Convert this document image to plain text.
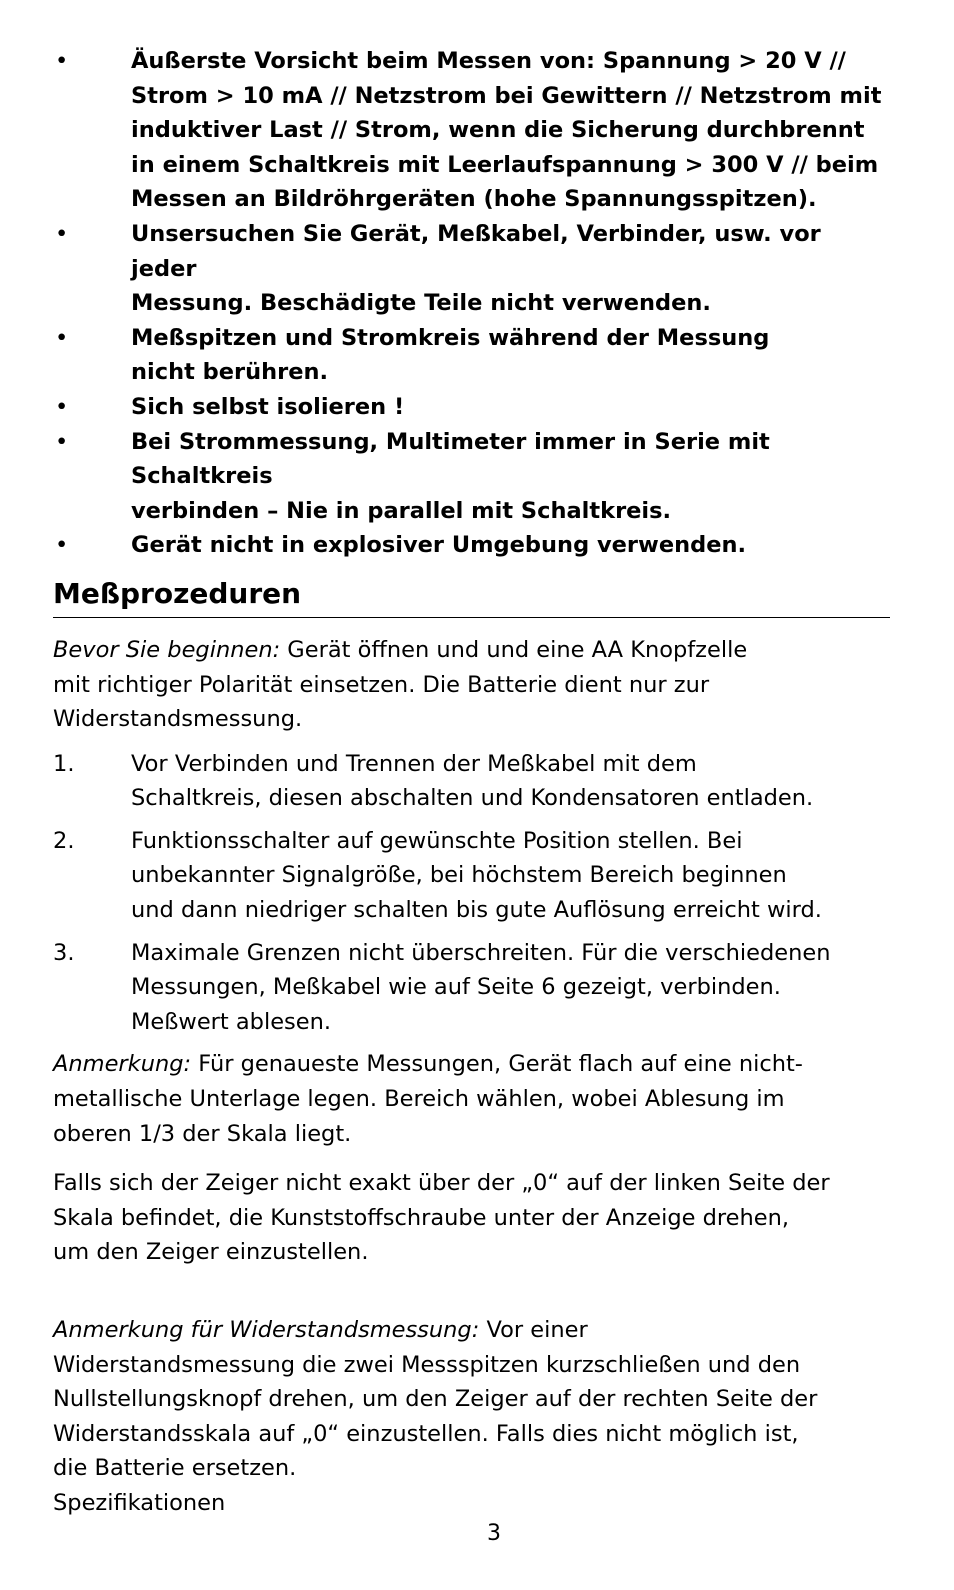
•	Äußerste Vorsicht beim Messen von: Spannung > 20 V //
Strom > 10 mA // Netzstrom bei Gewittern // Netzstrom mit
induktiver Last // Strom, wenn die Sicherung durchbrennt
in einem Schaltkreis mit Leerlaufspannung > 300 V // beim
Messen an Bildröhrgeräten (hohe Spannungsspitzen).
•	Unsersuchen Sie Gerät, Meßkabel, Verbinder, usw. vor jeder
Messung. Beschädigte Teile nicht verwenden.
•	Meßspitzen und Stromkreis während der Messung
nicht berühren.
•	Sich selbst isolieren !
•	Bei Strommessung, Multimeter immer in Serie mit Schaltkreis
verbinden – Nie in parallel mit Schaltkreis.
•	Gerät nicht in explosiver Umgebung verwenden.
Meßprozeduren

Bevor Sie beginnen: Gerät öffnen und und eine AA Knopfzelle
mit richtiger Polarität einsetzen. Die Batterie dient nur zur
Widerstandsmessung.

1.	Vor Verbinden und Trennen der Meßkabel mit dem
Schaltkreis, diesen abschalten und Kondensatoren entladen.
2.	Funktionsschalter auf gewünschte Position stellen. Bei
unbekannter Signalgröße, bei höchstem Bereich beginnen
und dann niedriger schalten bis gute Auflösung erreicht wird.
3.	Maximale Grenzen nicht überschreiten. Für die verschiedenen
Messungen, Meßkabel wie auf Seite 6 gezeigt, verbinden.
Meßwert ablesen.

Anmerkung: Für genaueste Messungen, Gerät flach auf eine nicht-
metallische Unterlage legen. Bereich wählen, wobei Ablesung im
oberen 1/3 der Skala liegt.

Falls sich der Zeiger nicht exakt über der „0“ auf der linken Seite der
Skala befindet, die Kunststoffschraube unter der Anzeige drehen,
um den Zeiger einzustellen.

Anmerkung für Widerstandsmessung: Vor einer
Widerstandsmessung die zwei Messspitzen kurzschließen und den
Nullstellungsknopf drehen, um den Zeiger auf der rechten Seite der
Widerstandsskala auf „0“ einzustellen. Falls dies nicht möglich ist,
die Batterie ersetzen.

Spezifikationen

3
